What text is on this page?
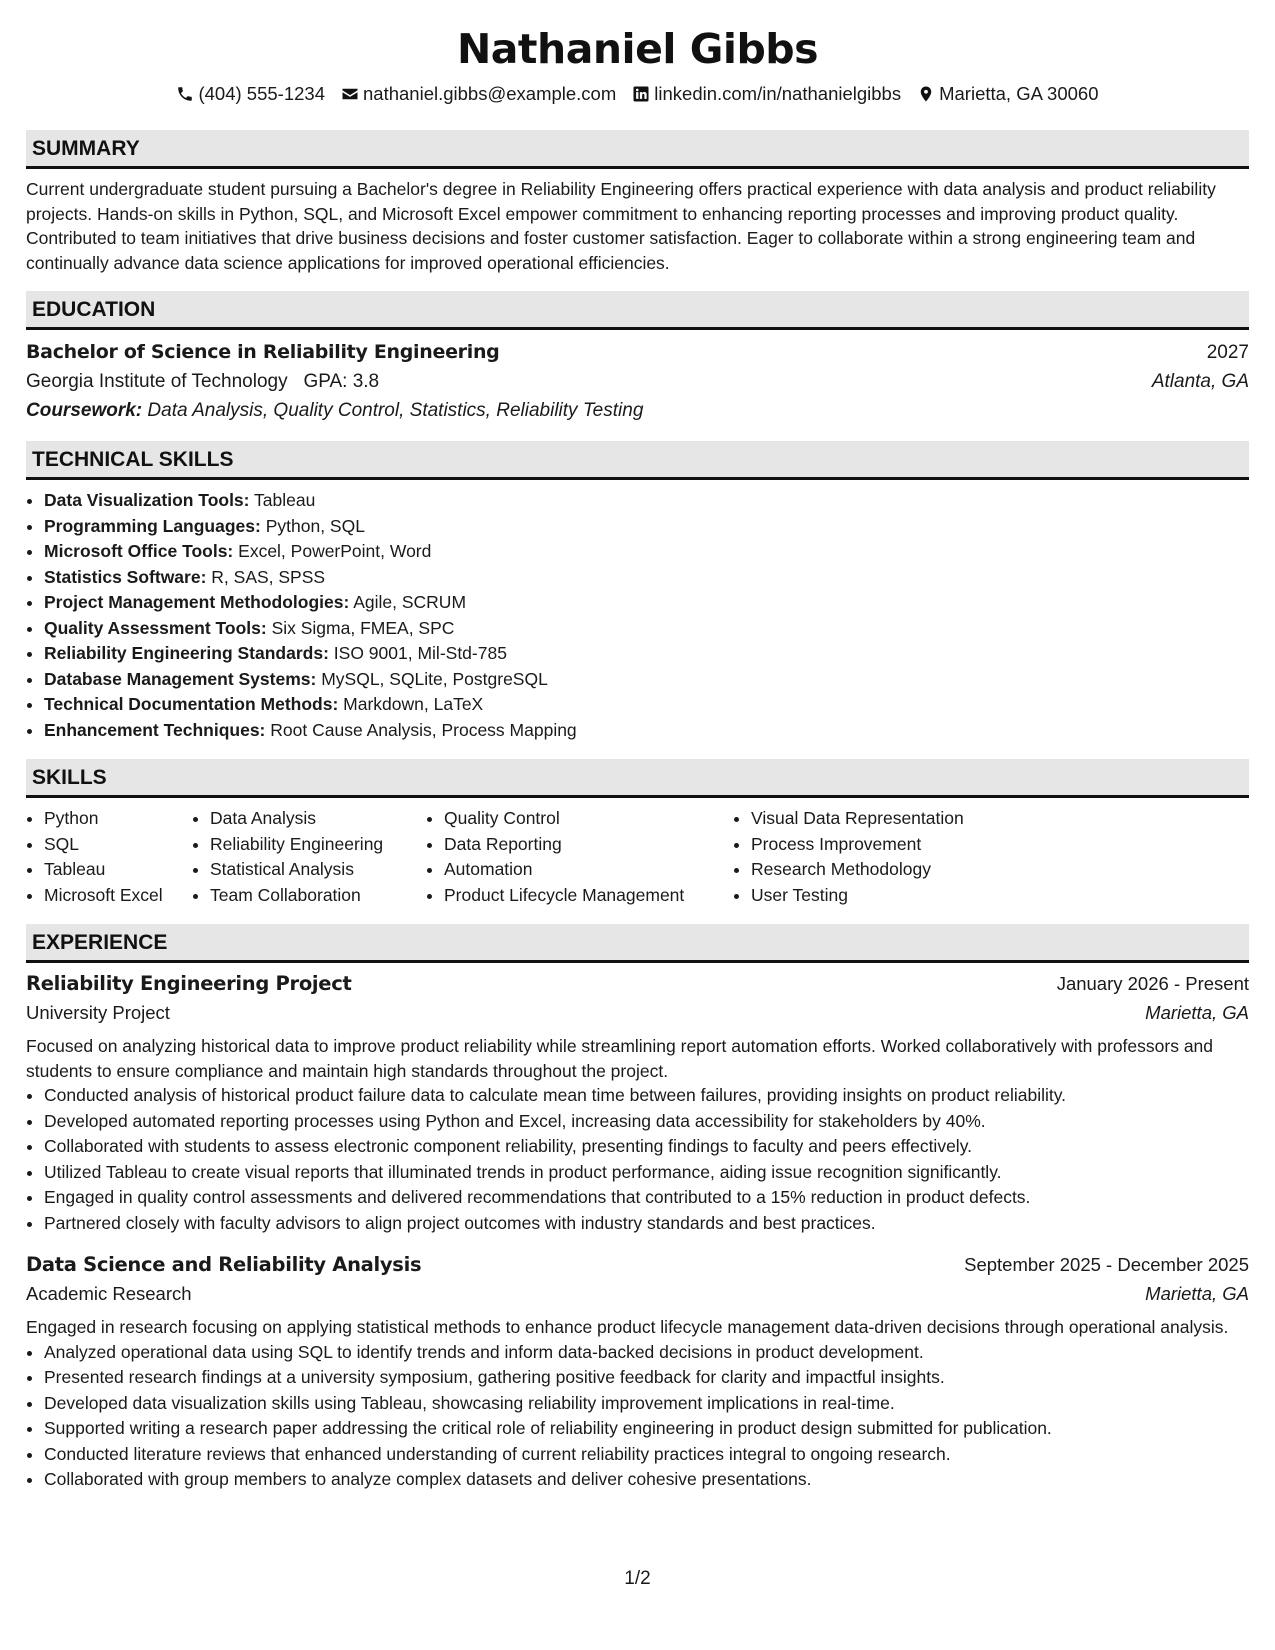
Nathaniel Gibbs
(404) 555-1234 nathaniel.gibbs@example.com linkedin.com/in/nathanielgibbs Marietta, GA 30060
SUMMARY

Current undergraduate student pursuing a Bachelor's degree in Reliability Engineering offers practical experience with data analysis and product reliability projects. Hands-on skills in Python, SQL, and Microsoft Excel empower commitment to enhancing reporting processes and improving product quality. Contributed to team initiatives that drive business decisions and foster customer satisfaction. Eager to collaborate within a strong engineering team and continually advance data science applications for improved operational efficiencies.

EDUCATION
Bachelor of Science in Reliability Engineering	2027
Georgia Institute of Technology GPA: 3.8	Atlanta, GA
Coursework: Data Analysis, Quality Control, Statistics, Reliability Testing
TECHNICAL SKILLS
• Data Visualization Tools: Tableau
• Programming Languages: Python, SQL
• Microsoft Office Tools: Excel, PowerPoint, Word
• Statistics Software: R, SAS, SPSS
• Project Management Methodologies: Agile, SCRUM
• Quality Assessment Tools: Six Sigma, FMEA, SPC
• Reliability Engineering Standards: ISO 9001, Mil-Std-785
• Database Management Systems: MySQL, SQLite, PostgreSQL
• Technical Documentation Methods: Markdown, LaTeX
• Enhancement Techniques: Root Cause Analysis, Process Mapping
SKILLS
• Python
• SQL
• Tableau
• Microsoft Excel
• Data Analysis
• Reliability Engineering
• Statistical Analysis
• Team Collaboration
• Quality Control
• Data Reporting
• Automation
• Product Lifecycle Management
• Visual Data Representation
• Process Improvement
• Research Methodology
• User Testing
EXPERIENCE
Reliability Engineering Project	January 2026 - Present
University Project	Marietta, GA
Focused on analyzing historical data to improve product reliability while streamlining report automation efforts. Worked collaboratively with professors and students to ensure compliance and maintain high standards throughout the project.
• Conducted analysis of historical product failure data to calculate mean time between failures, providing insights on product reliability.
• Developed automated reporting processes using Python and Excel, increasing data accessibility for stakeholders by 40%.
• Collaborated with students to assess electronic component reliability, presenting findings to faculty and peers effectively.
• Utilized Tableau to create visual reports that illuminated trends in product performance, aiding issue recognition significantly.
• Engaged in quality control assessments and delivered recommendations that contributed to a 15% reduction in product defects.
• Partnered closely with faculty advisors to align project outcomes with industry standards and best practices.
Data Science and Reliability Analysis	September 2025 - December 2025
Academic Research	Marietta, GA
Engaged in research focusing on applying statistical methods to enhance product lifecycle management data-driven decisions through operational analysis.
• Analyzed operational data using SQL to identify trends and inform data-backed decisions in product development.
• Presented research findings at a university symposium, gathering positive feedback for clarity and impactful insights.
• Developed data visualization skills using Tableau, showcasing reliability improvement implications in real-time.
• Supported writing a research paper addressing the critical role of reliability engineering in product design submitted for publication.
• Conducted literature reviews that enhanced understanding of current reliability practices integral to ongoing research.
• Collaborated with group members to analyze complex datasets and deliver cohesive presentations.
1/2
